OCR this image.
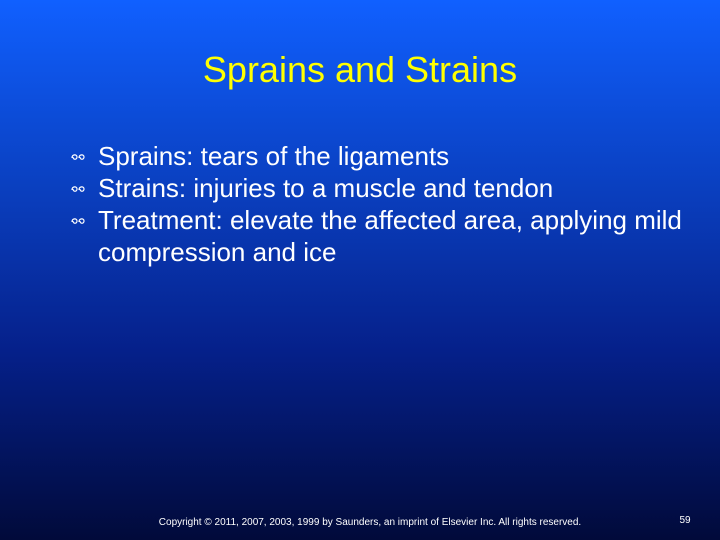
Sprains and Strains
Sprains: tears of the ligaments
Strains: injuries to a muscle and tendon
Treatment: elevate the affected area, applying mild compression and ice
Copyright © 2011, 2007, 2003, 1999 by Saunders, an imprint of Elsevier Inc. All rights reserved.	59
